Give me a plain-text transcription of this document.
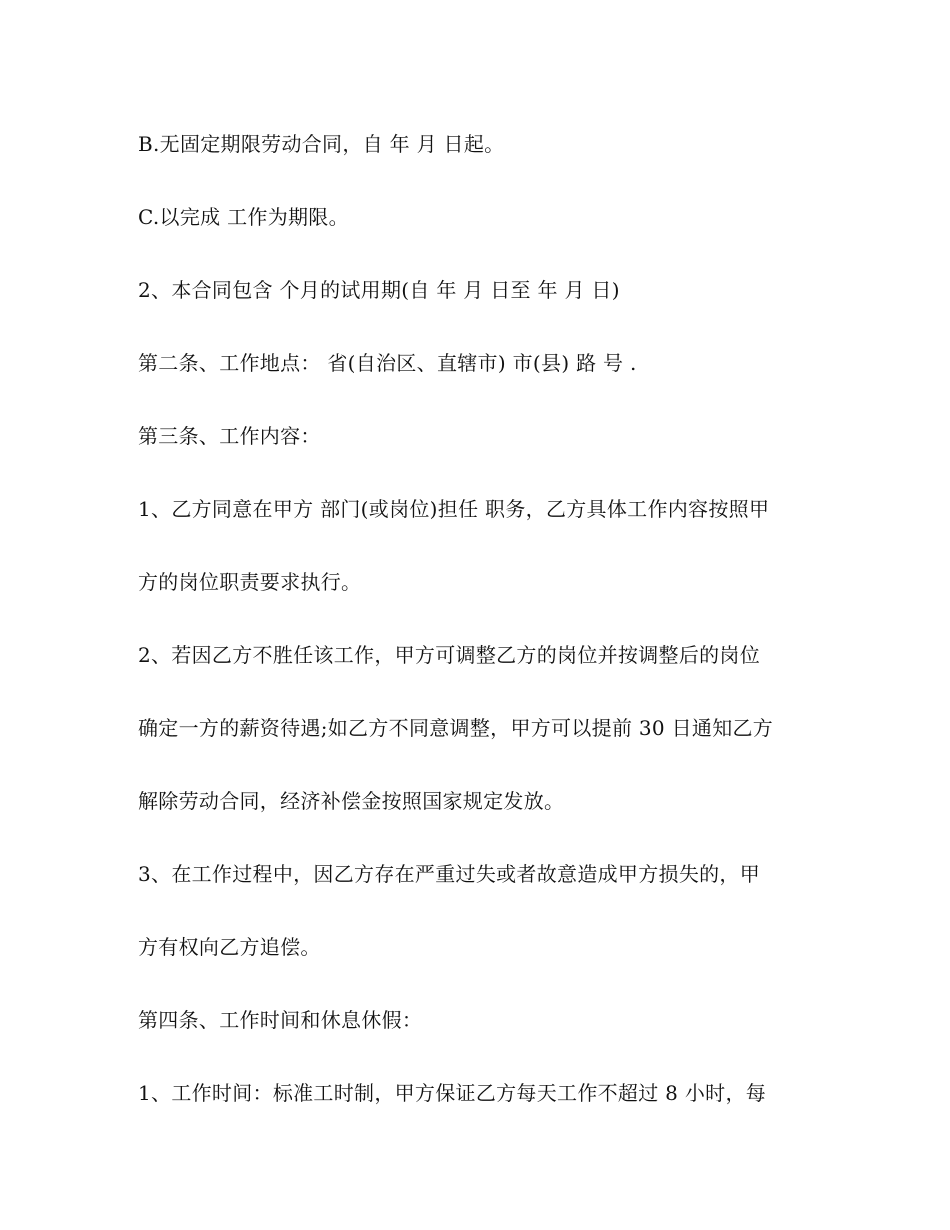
B.无固定期限劳动合同，自 年 月 日起。
C.以完成 工作为期限。
2、本合同包含 个月的试用期(自 年 月 日至 年 月 日)
第二条、工作地点： 省(自治区、直辖市) 市(县) 路 号 .
第三条、工作内容：
1、乙方同意在甲方 部门(或岗位)担任 职务，乙方具体工作内容按照甲
方的岗位职责要求执行。
2、若因乙方不胜任该工作，甲方可调整乙方的岗位并按调整后的岗位
确定一方的薪资待遇;如乙方不同意调整，甲方可以提前 30 日通知乙方
解除劳动合同，经济补偿金按照国家规定发放。
3、在工作过程中，因乙方存在严重过失或者故意造成甲方损失的，甲
方有权向乙方追偿。
第四条、工作时间和休息休假：
1、工作时间：标准工时制，甲方保证乙方每天工作不超过 8 小时，每
